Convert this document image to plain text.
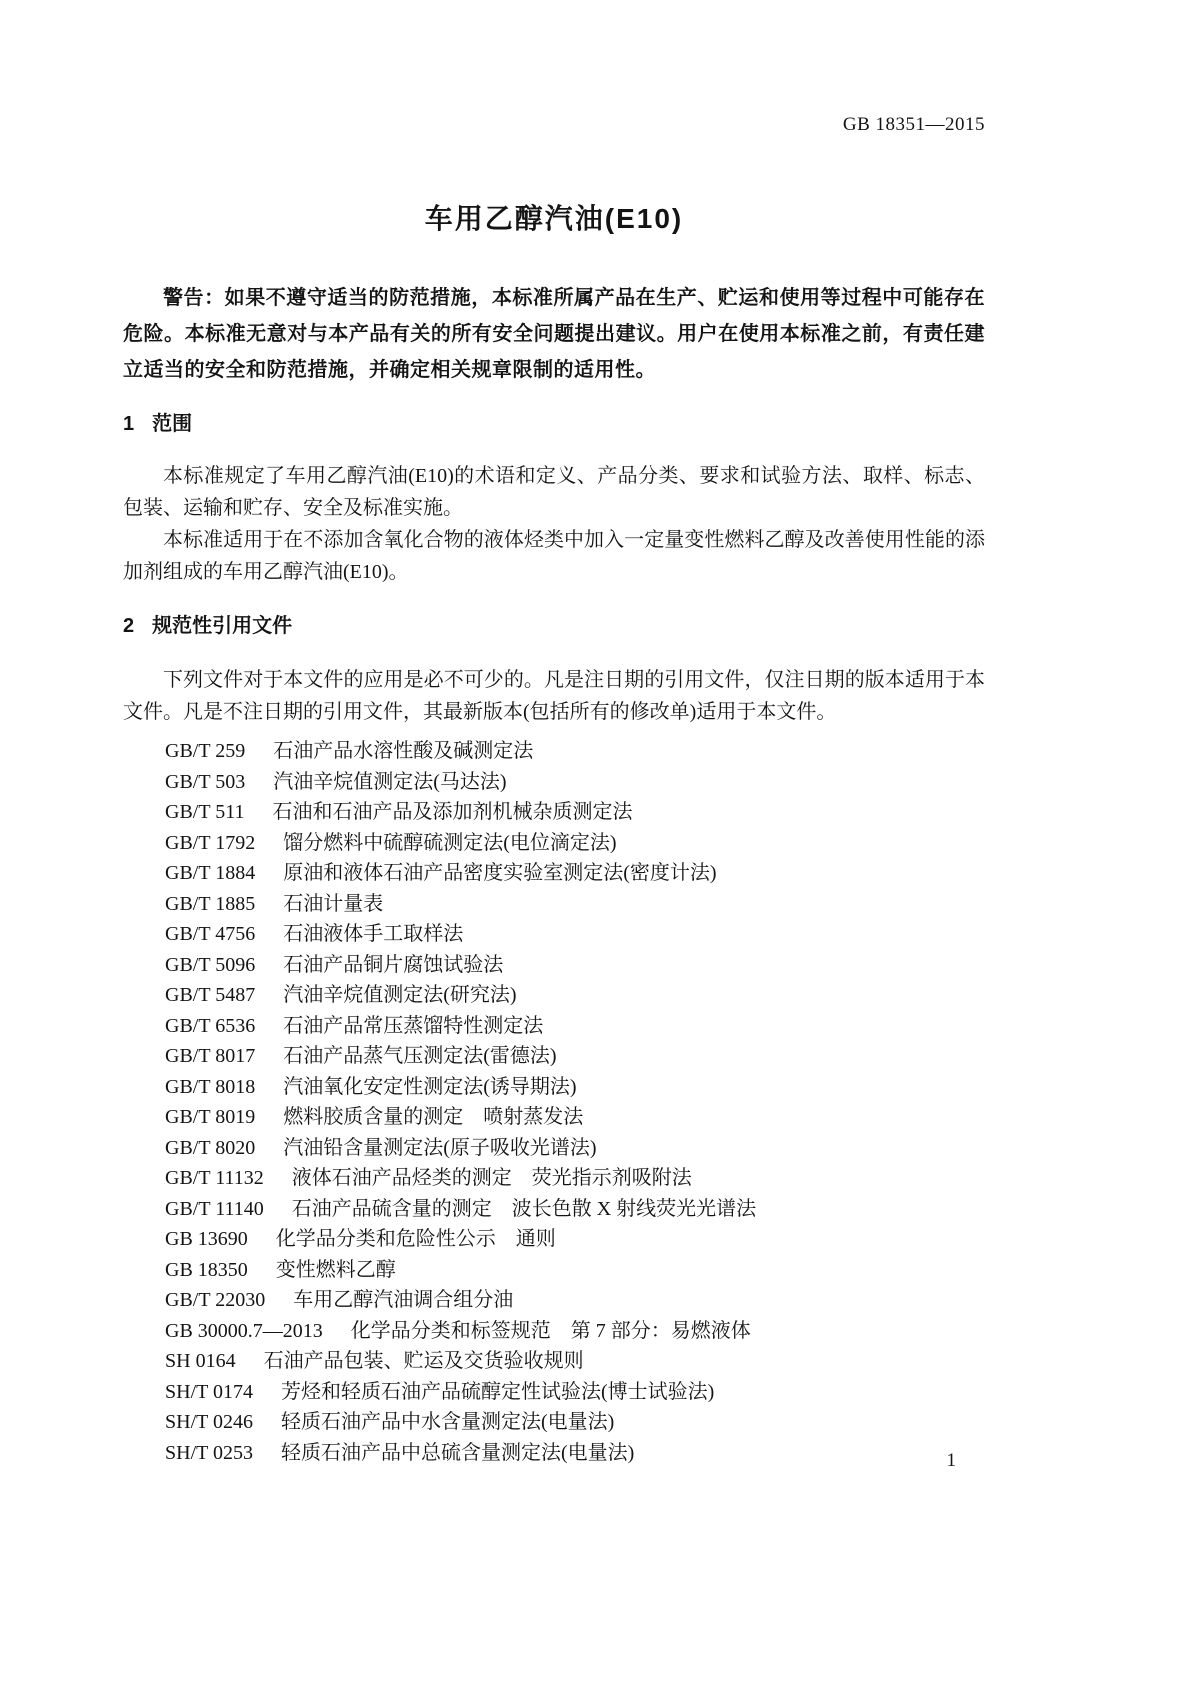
GB 18351—2015
车用乙醇汽油(E10)

警告：如果不遵守适当的防范措施，本标准所属产品在生产、贮运和使用等过程中可能存在危险。本标准无意对与本产品有关的所有安全问题提出建议。用户在使用本标准之前，有责任建立适当的安全和防范措施，并确定相关规章限制的适用性。

1 范围

本标准规定了车用乙醇汽油(E10)的术语和定义、产品分类、要求和试验方法、取样、标志、包装、运输和贮存、安全及标准实施。

本标准适用于在不添加含氧化合物的液体烃类中加入一定量变性燃料乙醇及改善使用性能的添加剂组成的车用乙醇汽油(E10)。

2 规范性引用文件

下列文件对于本文件的应用是必不可少的。凡是注日期的引用文件，仅注日期的版本适用于本文件。凡是不注日期的引用文件，其最新版本(包括所有的修改单)适用于本文件。

GB/T 259 石油产品水溶性酸及碱测定法
GB/T 503 汽油辛烷值测定法(马达法)
GB/T 511 石油和石油产品及添加剂机械杂质测定法
GB/T 1792 馏分燃料中硫醇硫测定法(电位滴定法)
GB/T 1884 原油和液体石油产品密度实验室测定法(密度计法)
GB/T 1885 石油计量表
GB/T 4756 石油液体手工取样法
GB/T 5096 石油产品铜片腐蚀试验法
GB/T 5487 汽油辛烷值测定法(研究法)
GB/T 6536 石油产品常压蒸馏特性测定法
GB/T 8017 石油产品蒸气压测定法(雷德法)
GB/T 8018 汽油氧化安定性测定法(诱导期法)
GB/T 8019 燃料胶质含量的测定　喷射蒸发法
GB/T 8020 汽油铅含量测定法(原子吸收光谱法)
GB/T 11132 液体石油产品烃类的测定　荧光指示剂吸附法
GB/T 11140 石油产品硫含量的测定　波长色散 X 射线荧光光谱法
GB 13690 化学品分类和危险性公示　通则
GB 18350 变性燃料乙醇
GB/T 22030 车用乙醇汽油调合组分油
GB 30000.7—2013 化学品分类和标签规范　第 7 部分：易燃液体
SH 0164 石油产品包装、贮运及交货验收规则
SH/T 0174 芳烃和轻质石油产品硫醇定性试验法(博士试验法)
SH/T 0246 轻质石油产品中水含量测定法(电量法)
SH/T 0253 轻质石油产品中总硫含量测定法(电量法)	1
